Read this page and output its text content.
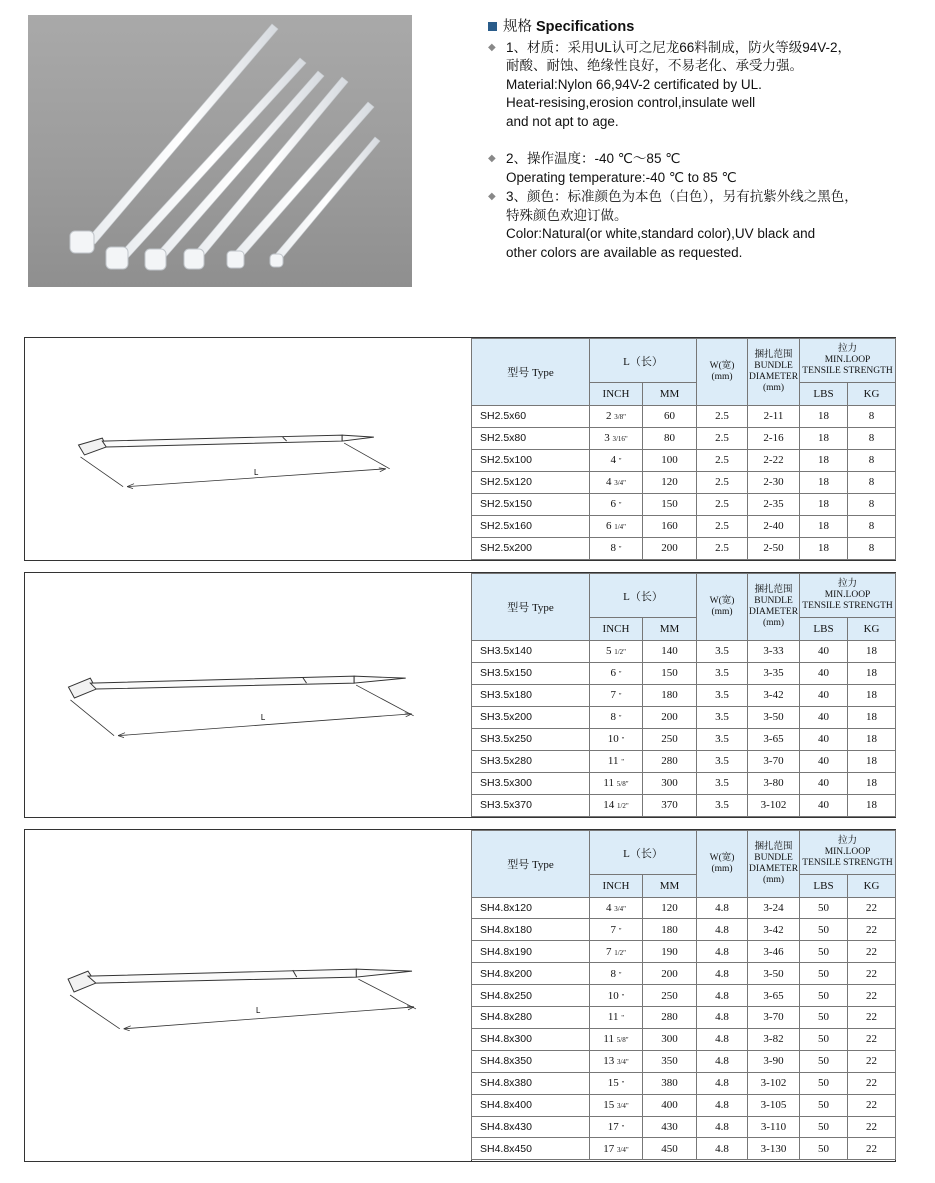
规格 Specifications
◆ 1、材质：采用UL认可之尼龙66料制成，防火等级94V-2，
耐酸、耐蚀、绝缘性良好，不易老化、承受力强。
Material:Nylon 66,94V-2 certificated by UL.
Heat-resising,erosion control,insulate well
and not apt to age.
◆ 2、操作温度：-40 ℃～85 ℃
Operating temperature:-40 ℃ to 85 ℃
◆ 3、颜色：标准颜色为本色（白色），另有抗紫外线之黑色，
特殊颜色欢迎订做。
Color:Natural(or white,standard color),UV black and
other colors are available as requested.
L
型号 Type	L（长）		W(宽)
(mm)	捆扎范围
BUNDLE
DIAMETER
(mm)	拉力
MIN.LOOP
TENSILE STRENGTH	
	INCH	MM			LBS	KG
SH2.5x60	2 3/8"	60	2.5	2-11	18	8
SH2.5x80	3 3/16"	80	2.5	2-16	18	8
SH2.5x100	4 "	100	2.5	2-22	18	8
SH2.5x120	4 3/4"	120	2.5	2-30	18	8
SH2.5x150	6 "	150	2.5	2-35	18	8
SH2.5x160	6 1/4"	160	2.5	2-40	18	8
SH2.5x200	8 "	200	2.5	2-50	18	8
L
型号 Type	L（长）		W(宽)
(mm)	捆扎范围
BUNDLE
DIAMETER
(mm)	拉力
MIN.LOOP
TENSILE STRENGTH	
	INCH	MM			LBS	KG
SH3.5x140	5 1/2"	140	3.5	3-33	40	18
SH3.5x150	6 "	150	3.5	3-35	40	18
SH3.5x180	7 "	180	3.5	3-42	40	18
SH3.5x200	8 "	200	3.5	3-50	40	18
SH3.5x250	10 "	250	3.5	3-65	40	18
SH3.5x280	11 "	280	3.5	3-70	40	18
SH3.5x300	11 5/8"	300	3.5	3-80	40	18
SH3.5x370	14 1/2"	370	3.5	3-102	40	18
L
型号 Type	L（长）		W(宽)
(mm)	捆扎范围
BUNDLE
DIAMETER
(mm)	拉力
MIN.LOOP
TENSILE STRENGTH	
	INCH	MM			LBS	KG
SH4.8x120	4 3/4"	120	4.8	3-24	50	22
SH4.8x180	7 "	180	4.8	3-42	50	22
SH4.8x190	7 1/2"	190	4.8	3-46	50	22
SH4.8x200	8 "	200	4.8	3-50	50	22
SH4.8x250	10 "	250	4.8	3-65	50	22
SH4.8x280	11 "	280	4.8	3-70	50	22
SH4.8x300	11 5/8"	300	4.8	3-82	50	22
SH4.8x350	13 3/4"	350	4.8	3-90	50	22
SH4.8x380	15 "	380	4.8	3-102	50	22
SH4.8x400	15 3/4"	400	4.8	3-105	50	22
SH4.8x430	17 "	430	4.8	3-110	50	22
SH4.8x450	17 3/4"	450	4.8	3-130	50	22
